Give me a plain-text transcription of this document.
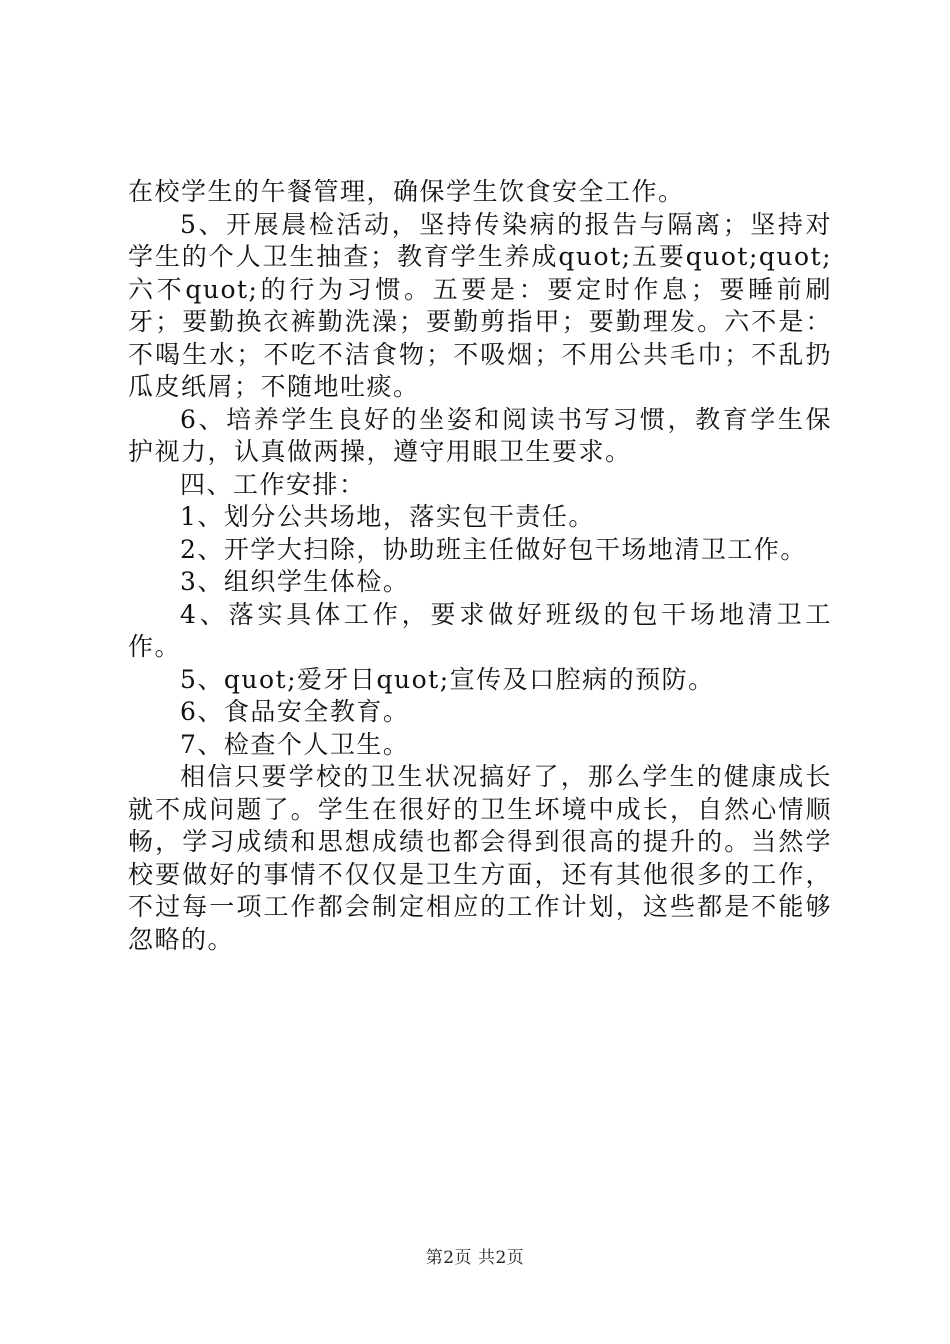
在校学生的午餐管理，确保学生饮食安全工作。

5、开展晨检活动，坚持传染病的报告与隔离；坚持对学生的个人卫生抽查；教育学生养成quot;五要quot;quot;六不quot;的行为习惯。五要是：要定时作息；要睡前刷牙；要勤换衣裤勤洗澡；要勤剪指甲；要勤理发。六不是：不喝生水；不吃不洁食物；不吸烟；不用公共毛巾；不乱扔瓜皮纸屑；不随地吐痰。

6、培养学生良好的坐姿和阅读书写习惯，教育学生保护视力，认真做两操，遵守用眼卫生要求。

四、工作安排：

1、划分公共场地，落实包干责任。

2、开学大扫除，协助班主任做好包干场地清卫工作。

3、组织学生体检。

4、落实具体工作，要求做好班级的包干场地清卫工作。

5、quot;爱牙日quot;宣传及口腔病的预防。

6、食品安全教育。

7、检查个人卫生。

相信只要学校的卫生状况搞好了，那么学生的健康成长就不成问题了。学生在很好的卫生坏境中成长，自然心情顺畅，学习成绩和思想成绩也都会得到很高的提升的。当然学校要做好的事情不仅仅是卫生方面，还有其他很多的工作，不过每一项工作都会制定相应的工作计划，这些都是不能够忽略的。

第2页 共2页
